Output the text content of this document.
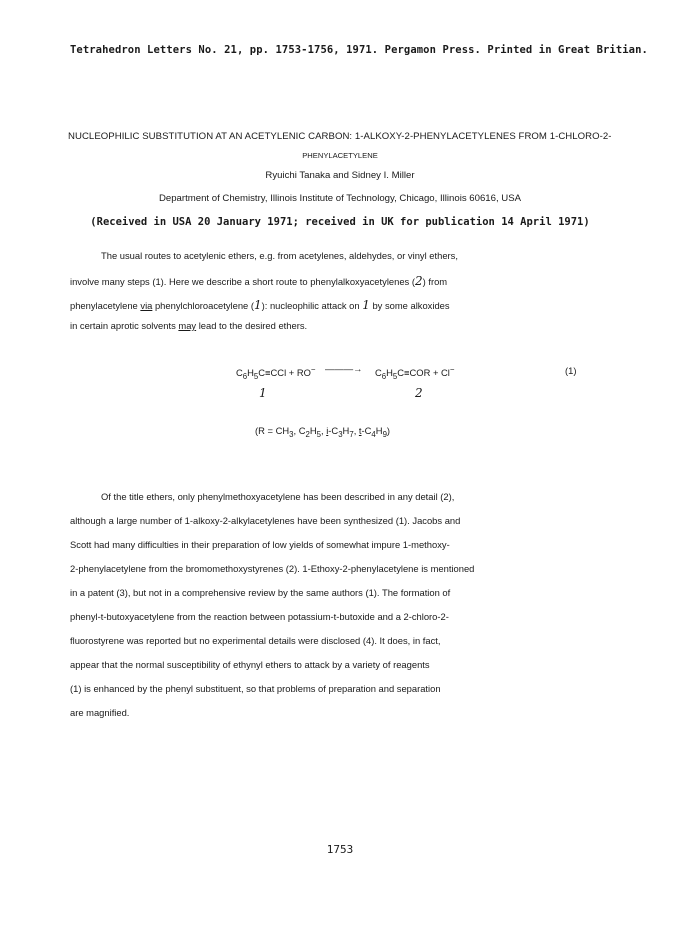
Tetrahedron Letters No. 21, pp. 1753-1756, 1971. Pergamon Press. Printed in Great Britian.
NUCLEOPHILIC SUBSTITUTION AT AN ACETYLENIC CARBON: 1-ALKOXY-2-PHENYLACETYLENES FROM 1-CHLORO-2-
PHENYLACETYLENE
Ryuichi Tanaka and Sidney I. Miller
Department of Chemistry, Illinois Institute of Technology, Chicago, Illinois 60616, USA
(Received in USA 20 January 1971; received in UK for publication 14 April 1971)
The usual routes to acetylenic ethers, e.g. from acetylenes, aldehydes, or vinyl ethers,
involve many steps (1). Here we describe a short route to phenylalkoxyacetylenes (2) from
phenylacetylene via phenylchloroacetylene (1): nucleophilic attack on 1 by some alkoxides
in certain aprotic solvents may lead to the desired ethers.
$C_6H_5C\equiv CCl + RO^-$ ———→ $C_6H_5C\equiv COR + Cl^-$	(1)
1	2
($R = CH_3$, $C_2H_5$, $i-C_3H_7$, $t-C_4H_9$)
Of the title ethers, only phenylmethoxyacetylene has been described in any detail (2),
although a large number of 1-alkoxy-2-alkylacetylenes have been synthesized (1). Jacobs and
Scott had many difficulties in their preparation of low yields of somewhat impure 1-methoxy-
2-phenylacetylene from the bromomethoxystyrenes (2). 1-Ethoxy-2-phenylacetylene is mentioned
in a patent (3), but not in a comprehensive review by the same authors (1). The formation of
phenyl-t-butoxyacetylene from the reaction between potassium-t-butoxide and a 2-chloro-2-
fluorostyrene was reported but no experimental details were disclosed (4). It does, in fact,
appear that the normal susceptibility of ethynyl ethers to attack by a variety of reagents
(1) is enhanced by the phenyl substituent, so that problems of preparation and separation
are magnified.
1753
